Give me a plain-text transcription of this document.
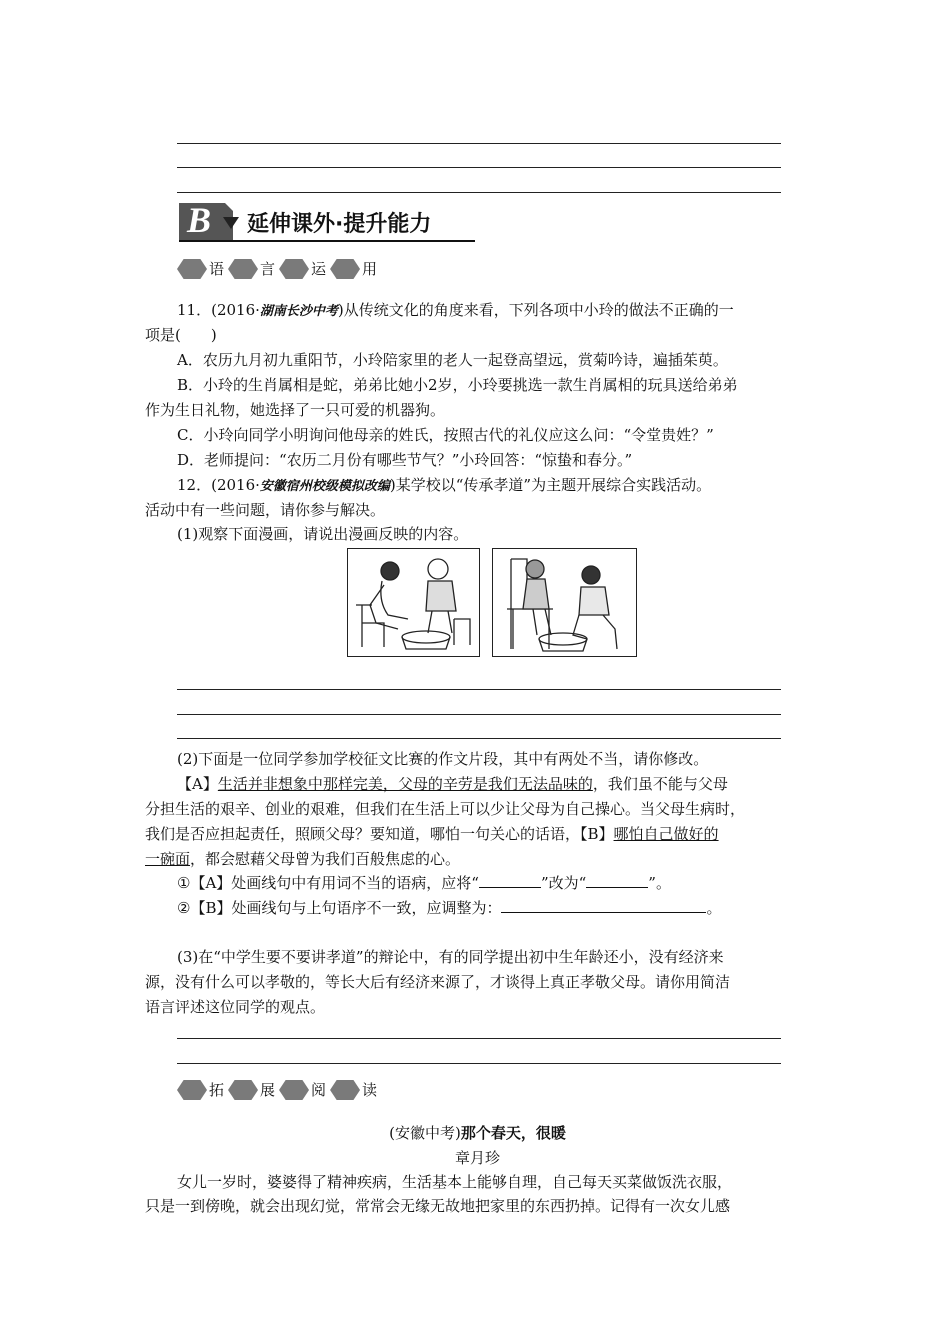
B 延伸课外·提升能力
语 言 运 用
11．(2016·湖南长沙中考)从传统文化的角度来看，下列各项中小玲的做法不正确的一
项是(　　)
A．农历九月初九重阳节，小玲陪家里的老人一起登高望远，赏菊吟诗，遍插茱萸。
B．小玲的生肖属相是蛇，弟弟比她小2岁，小玲要挑选一款生肖属相的玩具送给弟弟
作为生日礼物，她选择了一只可爱的机器狗。
C．小玲向同学小明询问他母亲的姓氏，按照古代的礼仪应这么问：“令堂贵姓？”
D．老师提问：“农历二月份有哪些节气？”小玲回答：“惊蛰和春分。”
12．(2016·安徽宿州校级模拟改编)某学校以“传承孝道”为主题开展综合实践活动。
活动中有一些问题，请你参与解决。
(1)观察下面漫画，请说出漫画反映的内容。
(2)下面是一位同学参加学校征文比赛的作文片段，其中有两处不当，请你修改。
【A】生活并非想象中那样完美，父母的辛劳是我们无法品味的，我们虽不能与父母
分担生活的艰辛、创业的艰难，但我们在生活上可以少让父母为自己操心。当父母生病时，
我们是否应担起责任，照顾父母？要知道，哪怕一句关心的话语，【B】哪怕自己做好的
一碗面，都会慰藉父母曾为我们百般焦虑的心。
①【A】处画线句中有用词不当的语病，应将“	”改为“	”。
②【B】处画线句与上句语序不一致，应调整为：	。
(3)在“中学生要不要讲孝道”的辩论中，有的同学提出初中生年龄还小，没有经济来
源，没有什么可以孝敬的，等长大后有经济来源了，才谈得上真正孝敬父母。请你用简洁
语言评述这位同学的观点。
拓 展 阅 读
(安徽中考)那个春天，很暖
章月珍
女儿一岁时，婆婆得了精神疾病，生活基本上能够自理，自己每天买菜做饭洗衣服，
只是一到傍晚，就会出现幻觉，常常会无缘无故地把家里的东西扔掉。记得有一次女儿感
